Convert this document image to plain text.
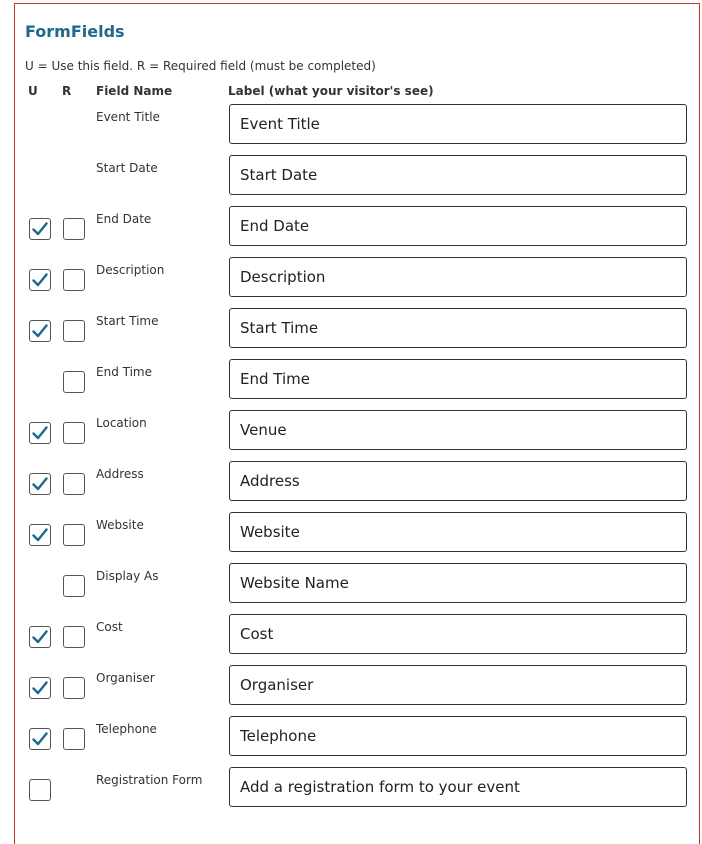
FormFields
U = Use this field. R = Required field (must be completed)
U R Field Name	Label (what your visitor's see)
Event Title
Event Title
Start Date
Start Date
End Date
End Date
Description
Description
Start Time
Start Time
End Time
End Time
Location
Venue
Address
Address
Website
Website
Display As
Website Name
Cost
Cost
Organiser
Organiser
Telephone
Telephone
Registration Form
Add a registration form to your event
